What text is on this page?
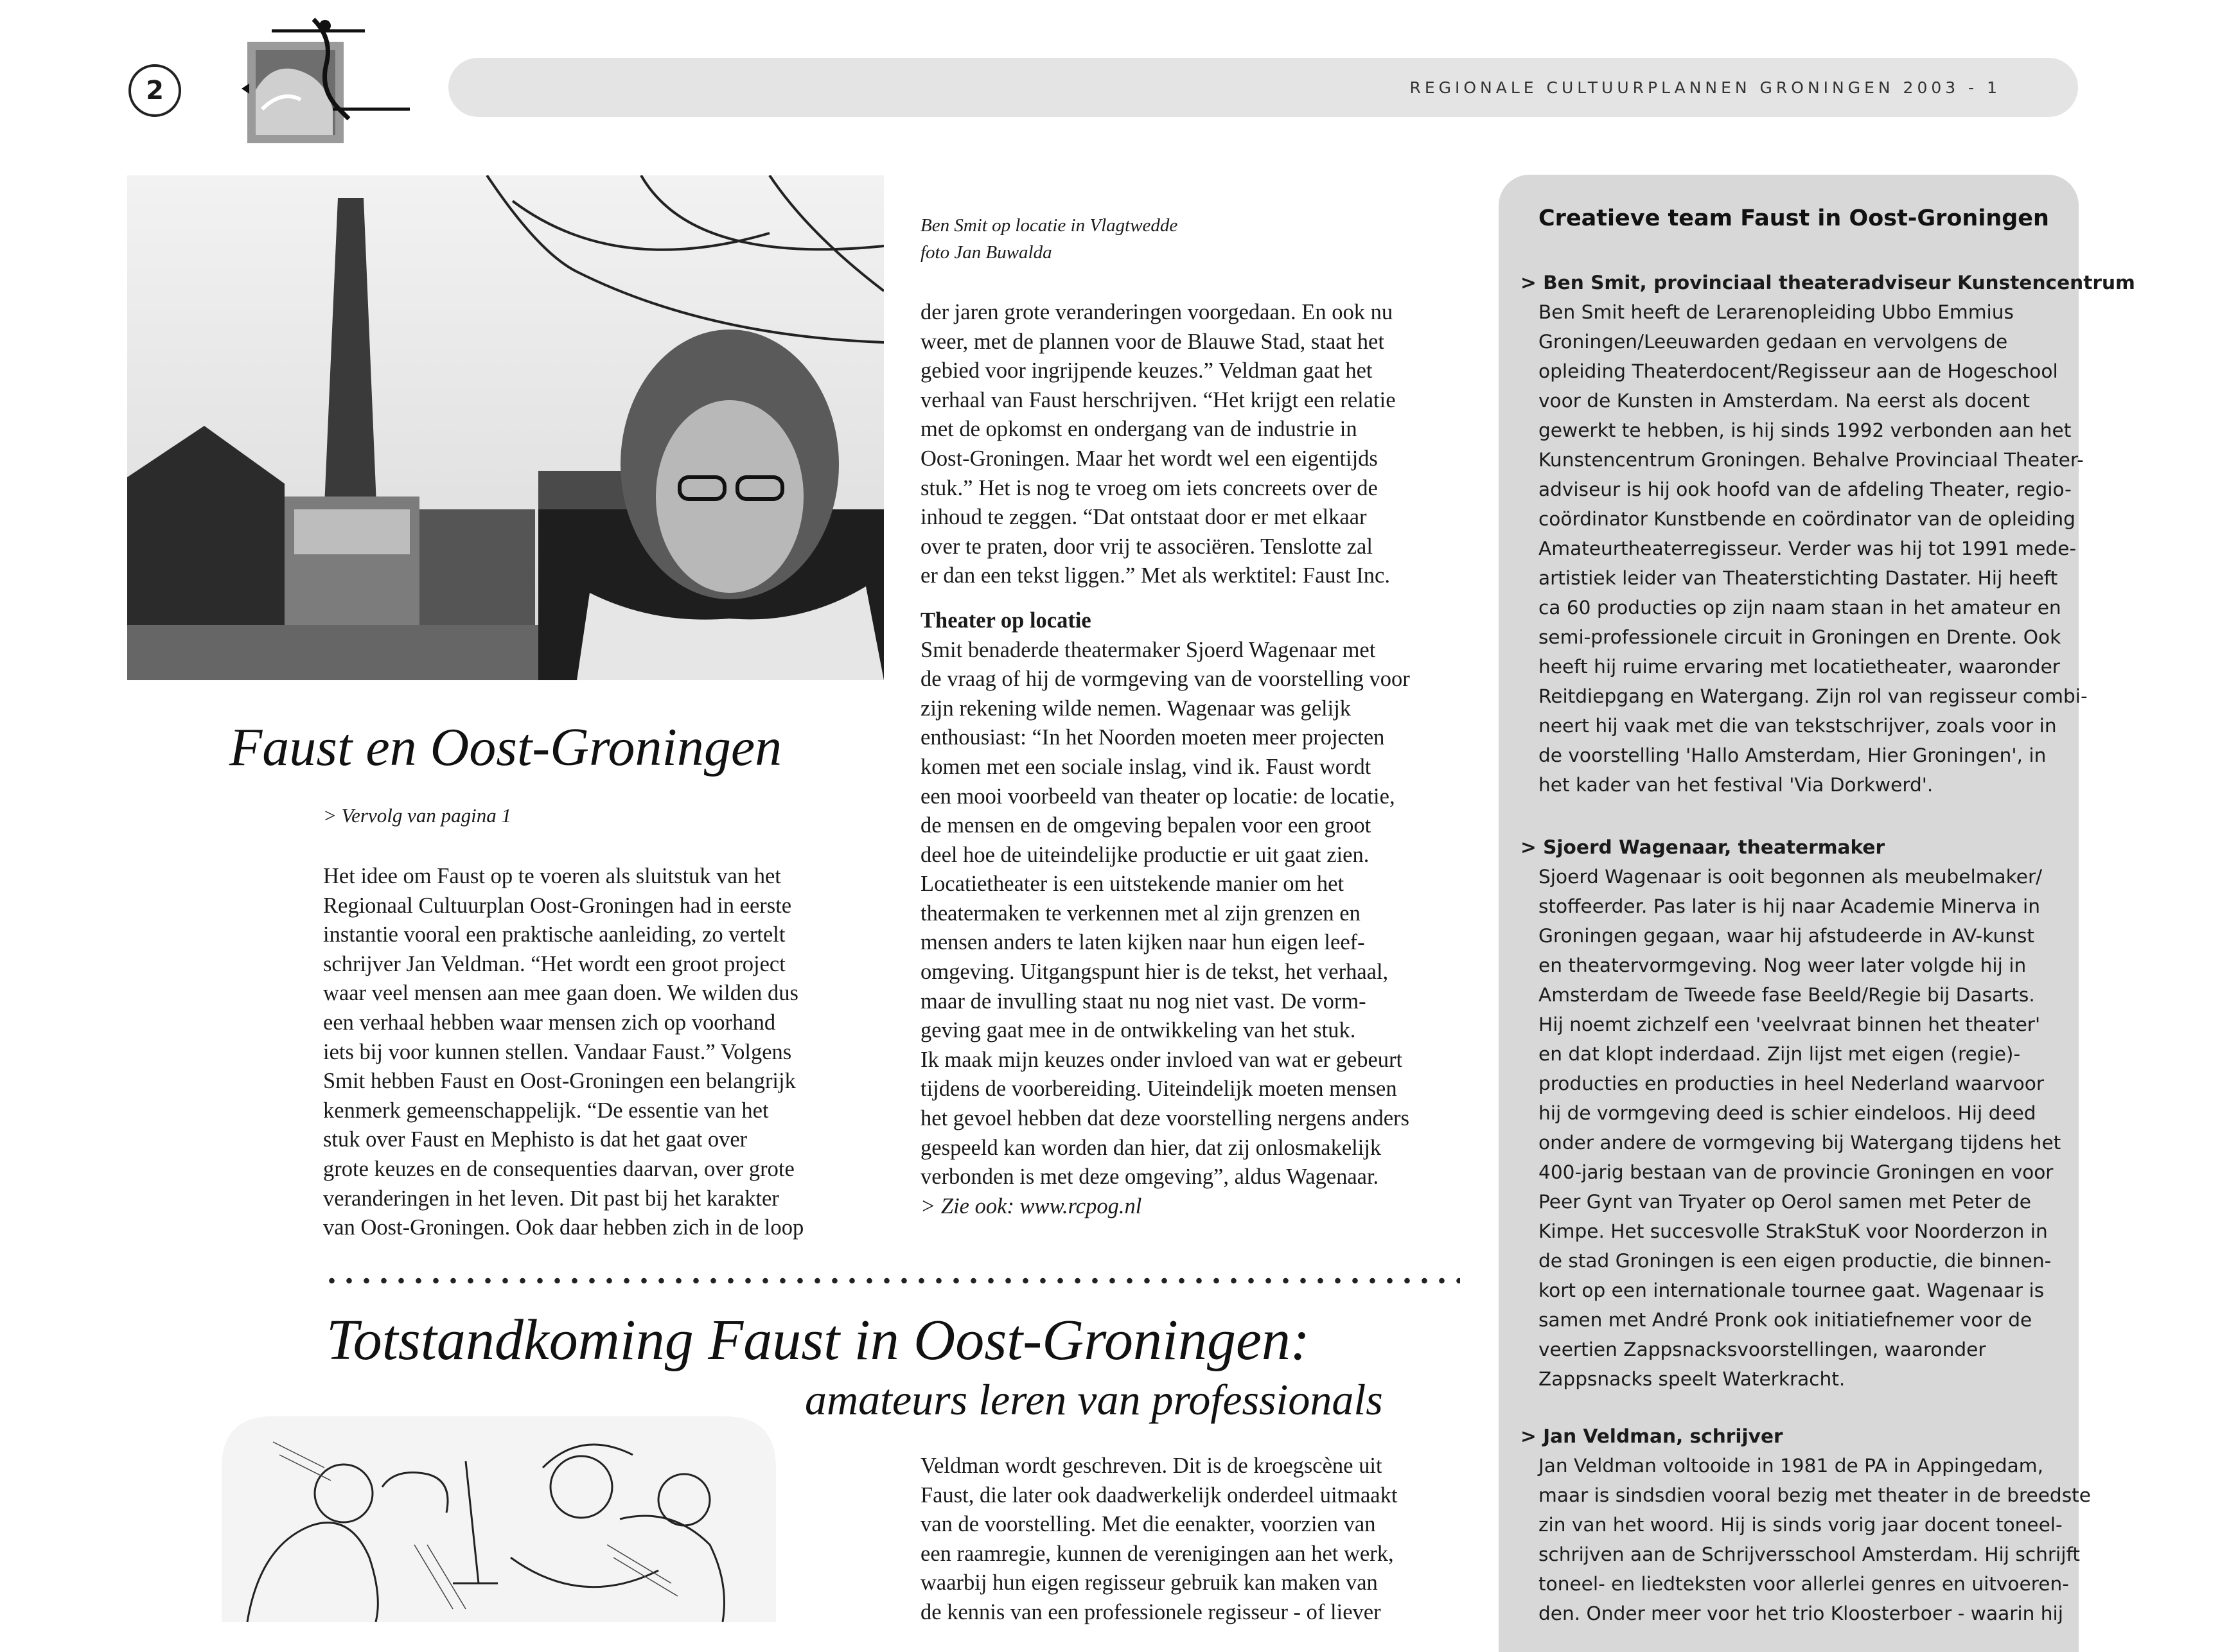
2	REGIONALE CULTUURPLANNEN GRONINGEN 2003 - 1
Faust en Oost-Groningen
> Vervolg van pagina 1
Het idee om Faust op te voeren als sluitstuk van het
Regionaal Cultuurplan Oost-Groningen had in eerste
instantie vooral een praktische aanleiding, zo vertelt
schrijver Jan Veldman. “Het wordt een groot project
waar veel mensen aan mee gaan doen. We wilden dus
een verhaal hebben waar mensen zich op voorhand
iets bij voor kunnen stellen. Vandaar Faust.” Volgens
Smit hebben Faust en Oost-Groningen een belangrijk
kenmerk gemeenschappelijk. “De essentie van het
stuk over Faust en Mephisto is dat het gaat over
grote keuzes en de consequenties daarvan, over grote
veranderingen in het leven. Dit past bij het karakter
van Oost-Groningen. Ook daar hebben zich in de loop
Ben Smit op locatie in Vlagtwedde
foto Jan Buwalda
der jaren grote veranderingen voorgedaan. En ook nu
weer, met de plannen voor de Blauwe Stad, staat het
gebied voor ingrijpende keuzes.” Veldman gaat het
verhaal van Faust herschrijven. “Het krijgt een relatie
met de opkomst en ondergang van de industrie in
Oost-Groningen. Maar het wordt wel een eigentijds
stuk.” Het is nog te vroeg om iets concreets over de
inhoud te zeggen. “Dat ontstaat door er met elkaar
over te praten, door vrij te associëren. Tenslotte zal
er dan een tekst liggen.” Met als werktitel: Faust Inc.
Theater op locatie
Smit benaderde theatermaker Sjoerd Wagenaar met
de vraag of hij de vormgeving van de voorstelling voor
zijn rekening wilde nemen. Wagenaar was gelijk
enthousiast: “In het Noorden moeten meer projecten
komen met een sociale inslag, vind ik. Faust wordt
een mooi voorbeeld van theater op locatie: de locatie,
de mensen en de omgeving bepalen voor een groot
deel hoe de uiteindelijke productie er uit gaat zien.
Locatietheater is een uitstekende manier om het
theatermaken te verkennen met al zijn grenzen en
mensen anders te laten kijken naar hun eigen leef-
omgeving. Uitgangspunt hier is de tekst, het verhaal,
maar de invulling staat nu nog niet vast. De vorm-
geving gaat mee in de ontwikkeling van het stuk.
Ik maak mijn keuzes onder invloed van wat er gebeurt
tijdens de voorbereiding. Uiteindelijk moeten mensen
het gevoel hebben dat deze voorstelling nergens anders
gespeeld kan worden dan hier, dat zij onlosmakelijk
verbonden is met deze omgeving”, aldus Wagenaar.
> Zie ook: www.rcpog.nl
Totstandkoming Faust in Oost-Groningen:
amateurs leren van professionals
Veldman wordt geschreven. Dit is de kroegscène uit
Faust, die later ook daadwerkelijk onderdeel uitmaakt
van de voorstelling. Met die eenakter, voorzien van
een raamregie, kunnen de verenigingen aan het werk,
waarbij hun eigen regisseur gebruik kan maken van
de kennis van een professionele regisseur - of liever
Creatieve team Faust in Oost-Groningen
> Ben Smit, provinciaal theateradviseur Kunstencentrum
Ben Smit heeft de Lerarenopleiding Ubbo Emmius
Groningen/Leeuwarden gedaan en vervolgens de
opleiding Theaterdocent/Regisseur aan de Hogeschool
voor de Kunsten in Amsterdam. Na eerst als docent
gewerkt te hebben, is hij sinds 1992 verbonden aan het
Kunstencentrum Groningen. Behalve Provinciaal Theater-
adviseur is hij ook hoofd van de afdeling Theater, regio-
coördinator Kunstbende en coördinator van de opleiding
Amateurtheaterregisseur. Verder was hij tot 1991 mede-
artistiek leider van Theaterstichting Dastater. Hij heeft
ca 60 producties op zijn naam staan in het amateur en
semi-professionele circuit in Groningen en Drente. Ook
heeft hij ruime ervaring met locatietheater, waaronder
Reitdiepgang en Watergang. Zijn rol van regisseur combi-
neert hij vaak met die van tekstschrijver, zoals voor in
de voorstelling 'Hallo Amsterdam, Hier Groningen', in
het kader van het festival 'Via Dorkwerd'.
> Sjoerd Wagenaar, theatermaker
Sjoerd Wagenaar is ooit begonnen als meubelmaker/
stoffeerder. Pas later is hij naar Academie Minerva in
Groningen gegaan, waar hij afstudeerde in AV-kunst
en theatervormgeving. Nog weer later volgde hij in
Amsterdam de Tweede fase Beeld/Regie bij Dasarts.
Hij noemt zichzelf een 'veelvraat binnen het theater'
en dat klopt inderdaad. Zijn lijst met eigen (regie)-
producties en producties in heel Nederland waarvoor
hij de vormgeving deed is schier eindeloos. Hij deed
onder andere de vormgeving bij Watergang tijdens het
400-jarig bestaan van de provincie Groningen en voor
Peer Gynt van Tryater op Oerol samen met Peter de
Kimpe. Het succesvolle StrakStuK voor Noorderzon in
de stad Groningen is een eigen productie, die binnen-
kort op een internationale tournee gaat. Wagenaar is
samen met André Pronk ook initiatiefnemer voor de
veertien Zappsnacksvoorstellingen, waaronder
Zappsnacks speelt Waterkracht.
> Jan Veldman, schrijver
Jan Veldman voltooide in 1981 de PA in Appingedam,
maar is sindsdien vooral bezig met theater in de breedste
zin van het woord. Hij is sinds vorig jaar docent toneel-
schrijven aan de Schrijversschool Amsterdam. Hij schrijft
toneel- en liedteksten voor allerlei genres en uitvoeren-
den. Onder meer voor het trio Kloosterboer - waarin hij
